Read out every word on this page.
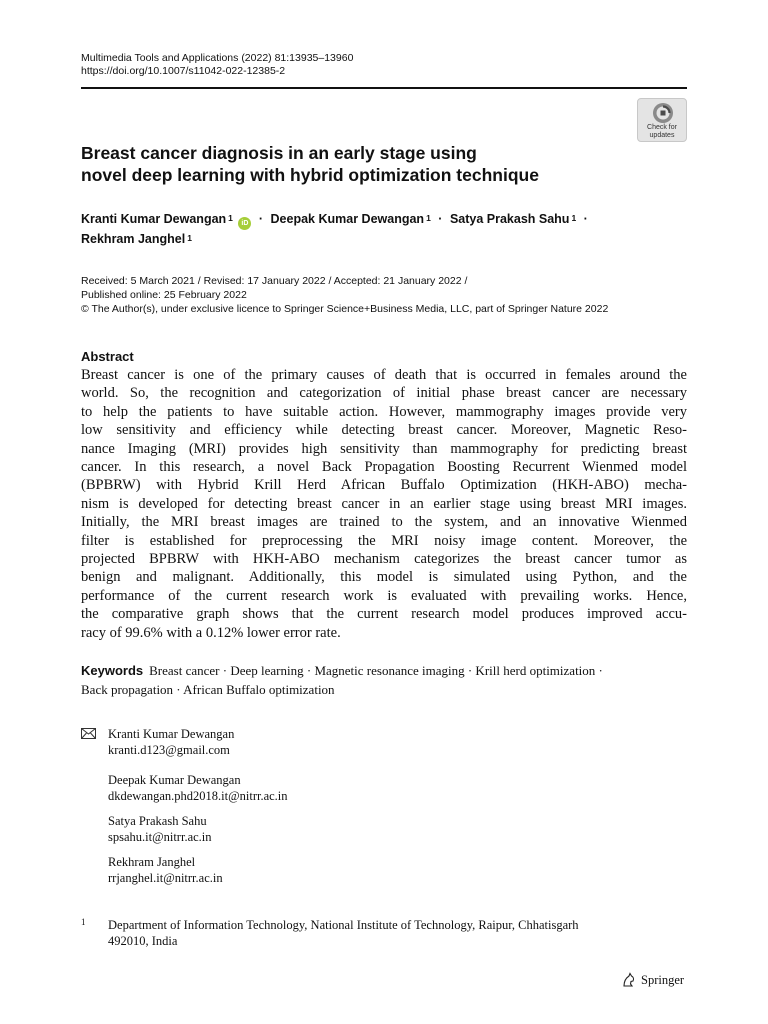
Multimedia Tools and Applications (2022) 81:13935–13960
https://doi.org/10.1007/s11042-022-12385-2
Check for
updates
Breast cancer diagnosis in an early stage using
novel deep learning with hybrid optimization technique
Kranti Kumar Dewangan $^1$ iD · Deepak Kumar Dewangan $^1$ · Satya Prakash Sahu $^1$ ·
Rekhram Janghel $^1$
Received: 5 March 2021 / Revised: 17 January 2022 / Accepted: 21 January 2022 /
Published online: 25 February 2022
© The Author(s), under exclusive licence to Springer Science+Business Media, LLC, part of Springer Nature 2022
Abstract
Breast cancer is one of the primary causes of death that is occurred in females around the
world. So, the recognition and categorization of initial phase breast cancer are necessary
to help the patients to have suitable action. However, mammography images provide very
low sensitivity and efficiency while detecting breast cancer. Moreover, Magnetic Reso-
nance Imaging (MRI) provides high sensitivity than mammography for predicting breast
cancer. In this research, a novel Back Propagation Boosting Recurrent Wienmed model
(BPBRW) with Hybrid Krill Herd African Buffalo Optimization (HKH-ABO) mecha-
nism is developed for detecting breast cancer in an earlier stage using breast MRI images.
Initially, the MRI breast images are trained to the system, and an innovative Wienmed
filter is established for preprocessing the MRI noisy image content. Moreover, the
projected BPBRW with HKH-ABO mechanism categorizes the breast cancer tumor as
benign and malignant. Additionally, this model is simulated using Python, and the
performance of the current research work is evaluated with prevailing works. Hence,
the comparative graph shows that the current research model produces improved accu-
racy of 99.6% with a 0.12% lower error rate.
Keywords Breast cancer · Deep learning · Magnetic resonance imaging · Krill herd optimization ·
Back propagation · African Buffalo optimization
Kranti Kumar Dewangan
kranti.d123@gmail.com
Deepak Kumar Dewangan
dkdewangan.phd2018.it@nitrr.ac.in
Satya Prakash Sahu
spsahu.it@nitrr.ac.in
Rekhram Janghel
rrjanghel.it@nitrr.ac.in
1 Department of Information Technology, National Institute of Technology, Raipur, Chhatisgarh
492010, India
Springer
